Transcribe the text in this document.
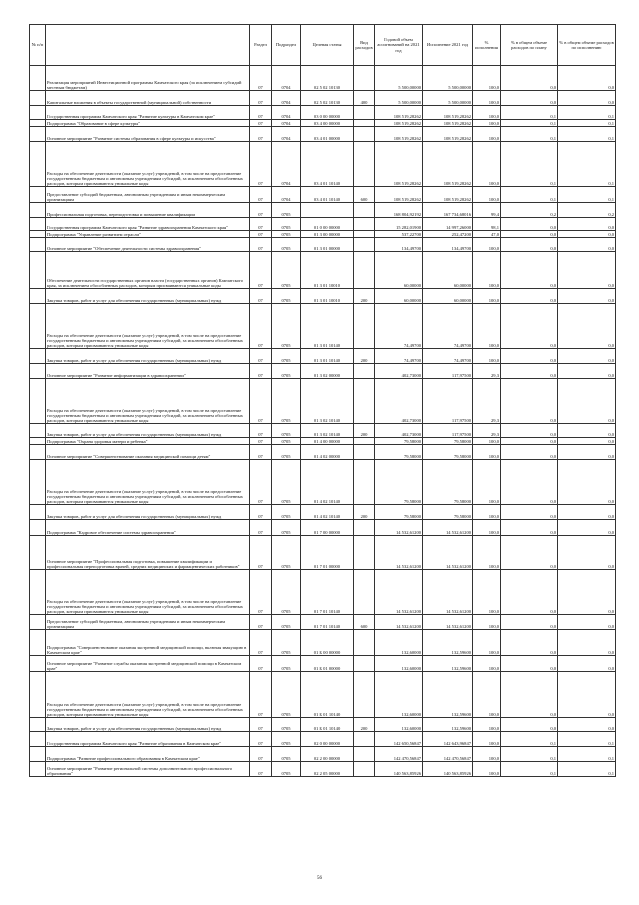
№ п/п		Раздел	Подраздел	Целевая статья	Вид расходов	Годовой объем ассигнований на 2021 год	Исполнение 2021 год	% исполнения	% в общем объеме расходов по плану	% в общем объеме расходов по исполнению
	Реализация мероприятий Инвестиционной программы Камчатского края (за исключением субсидий местным бюджетам)	07	0704	02 5 02 10130		5 500,00000	5 500,00000	100,0	0,0	0,0
	Капитальные вложения в объекты государственной (муниципальной) собственности	07	0704	02 5 02 10130	400	5 500,00000	5 500,00000	100,0	0,0	0,0
	Государственная программа Камчатского края "Развитие культуры в Камчатском крае"	07	0704	03 0 00 00000		108 519,28262	108 519,28262	100,0	0,1	0,1
	Подпрограмма "Образование в сфере культуры"	07	0704	03 4 00 00000		108 519,28262	108 519,28262	100,0	0,1	0,1
	Основное мероприятие "Развитие системы образования в сфере культуры и искусства"	07	0704	03 4 01 00000		108 519,28262	108 519,28262	100,0	0,1	0,1
	Расходы на обеспечение деятельности (оказание услуг) учреждений, в том числе на предоставление государственным бюджетным и автономным учреждениям субсидий, за исключением обособленных расходов, которым присваиваются уникальные коды	07	0704	03 4 01 10140		108 519,28262	108 519,28262	100,0	0,1	0,1
	Предоставление субсидий бюджетным, автономным учреждениям и иным некоммерческим организациям	07	0704	03 4 01 10140	600	108 519,28262	108 519,28262	100,0	0,1	0,1
	Профессиональная подготовка, переподготовка и повышение квалификации	07	0705			168 804,92192	167 734,68016	99,4	0,2	0,2
	Государственная программа Камчатского края "Развитие здравоохранения Камчатского края"	07	0705	01 0 00 00000		15 282,01900	14 997,26000	98,1	0,0	0,0
	Подпрограмма "Управление развитием отрасли"	07	0705	01 3 00 00000		537,22700	252,47200	47,0	0,0	0,0
	Основное мероприятие "Обеспечение деятельности системы здравоохранения"	07	0705	01 3 01 00000		134,49700	134,49700	100,0	0,0	0,0
	Обеспечение деятельности государственных органов власти (государственных органов) Камчатского края, за исключением обособленных расходов, которым присваиваются уникальные коды	07	0705	01 3 01 10010		60,00000	60,00000	100,0	0,0	0,0
	Закупка товаров, работ и услуг для обеспечения государственных (муниципальных) нужд	07	0705	01 3 01 10010	200	60,00000	60,00000	100,0	0,0	0,0
	Расходы на обеспечение деятельности (оказание услуг) учреждений, в том числе на предоставление государственным бюджетным и автономным учреждениям субсидий, за исключением обособленных расходов, которым присваиваются уникальные коды	07	0705	01 3 01 10140		74,49700	74,49700	100,0	0,0	0,0
	Закупка товаров, работ и услуг для обеспечения государственных (муниципальных) нужд	07	0705	01 3 01 10140	200	74,49700	74,49700	100,0	0,0	0,0
	Основное мероприятие "Развитие информатизации в здравоохранении"	07	0705	01 3 02 00000		402,73000	117,97500	29,3	0,0	0,0
	Расходы на обеспечение деятельности (оказание услуг) учреждений, в том числе на предоставление государственным бюджетным и автономным учреждениям субсидий, за исключением обособленных расходов, которым присваиваются уникальные коды	07	0705	01 3 02 10140		402,73000	117,97500	29,3	0,0	0,0
	Закупка товаров, работ и услуг для обеспечения государственных (муниципальных) нужд	07	0705	01 3 02 10140	200	402,73000	117,97500	29,3	0,0	0,0
	Подпрограмма "Охрана здоровья матери и ребенка"	07	0705	01 4 00 00000		79,58000	79,58000	100,0	0,0	0,0
	Основное мероприятие "Совершенствование оказания медицинской помощи детям"	07	0705	01 4 02 00000		79,58000	79,58000	100,0	0,0	0,0
	Расходы на обеспечение деятельности (оказание услуг) учреждений, в том числе на предоставление государственным бюджетным и автономным учреждениям субсидий, за исключением обособленных расходов, которым присваиваются уникальные коды	07	0705	01 4 02 10140		79,58000	79,58000	100,0	0,0	0,0
	Закупка товаров, работ и услуг для обеспечения государственных (муниципальных) нужд	07	0705	01 4 02 10140	200	79,58000	79,58000	100,0	0,0	0,0
	Подпрограмма "Кадровое обеспечение системы здравоохранения"	07	0705	01 7 00 00000		14 532,61200	14 532,61200	100,0	0,0	0,0
	Основное мероприятие "Профессиональная подготовка, повышение квалификации и профессиональная переподготовка врачей, средних медицинских и фармацевтических работников"	07	0705	01 7 01 00000		14 532,61200	14 532,61200	100,0	0,0	0,0
	Расходы на обеспечение деятельности (оказание услуг) учреждений, в том числе на предоставление государственным бюджетным и автономным учреждениям субсидий, за исключением обособленных расходов, которым присваиваются уникальные коды	07	0705	01 7 01 10140		14 532,61200	14 532,61200	100,0	0,0	0,0
	Предоставление субсидий бюджетным, автономным учреждениям и иным некоммерческим организациям	07	0705	01 7 01 10140	600	14 532,61200	14 532,61200	100,0	0,0	0,0
	Подпрограмма "Совершенствование оказания экстренной медицинской помощи, включая эвакуацию в Камчатском крае"	07	0705	01 Б 00 00000		132,60000	132,59600	100,0	0,0	0,0
	Основное мероприятие "Развитие службы оказания экстренной медицинской помощи в Камчатском крае"	07	0705	01 Б 01 00000		132,60000	132,59600	100,0	0,0	0,0
	Расходы на обеспечение деятельности (оказание услуг) учреждений, в том числе на предоставление государственным бюджетным и автономным учреждениям субсидий, за исключением обособленных расходов, которым присваиваются уникальные коды	07	0705	01 Б 01 10140		132,60000	132,59600	100,0	0,0	0,0
	Закупка товаров, работ и услуг для обеспечения государственных (муниципальных) нужд	07	0705	01 Б 01 10140	200	132,60000	132,59600	100,0	0,0	0,0
	Государственная программа Камчатского края "Развитие образования в Камчатском крае"	07	0705	02 0 00 00000		142 650,56847	142 643,96847	100,0	0,1	0,1
	Подпрограмма "Развитие профессионального образования в Камчатском крае"	07	0705	02 2 00 00000		142 470,56847	142 470,56847	100,0	0,1	0,1
	Основное мероприятие "Развитие региональной системы дополнительного профессионального образования"	07	0705	02 2 05 00000		140 563,85926	140 563,85926	100,0	0,1	0,1
56
